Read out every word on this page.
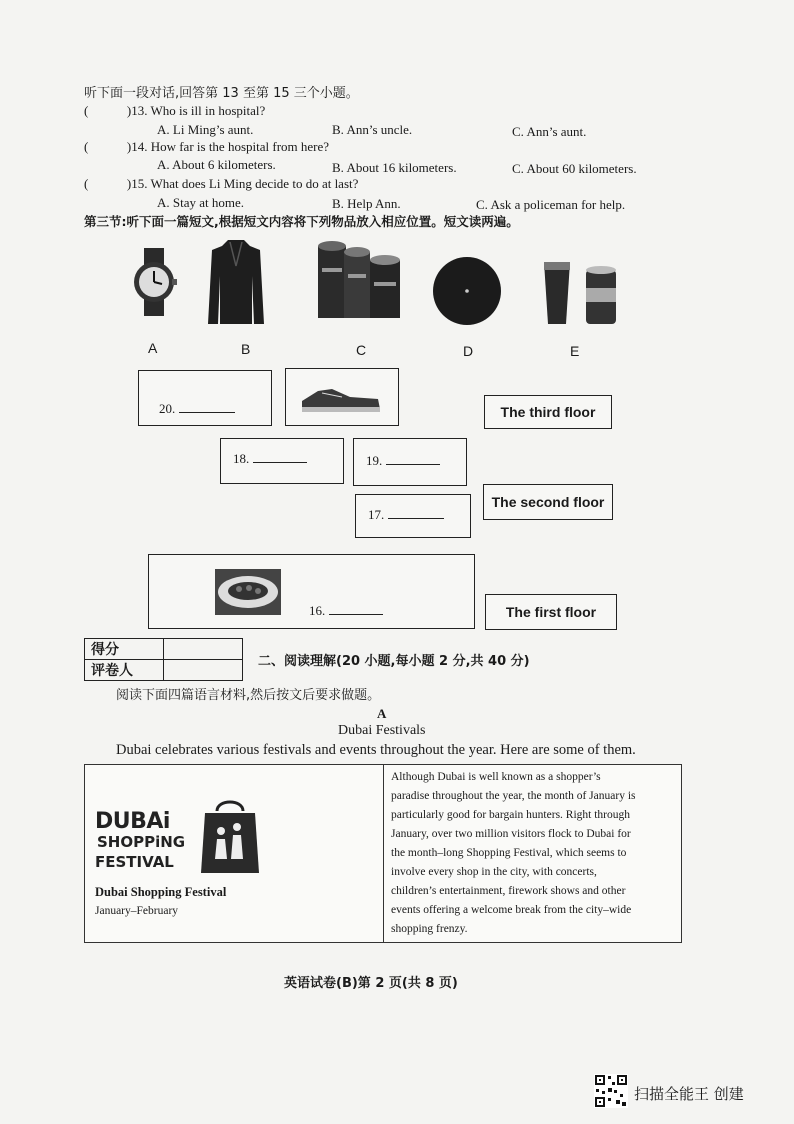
听下面一段对话,回答第 13 至第 15 三个小题。
(	)13. Who is ill in hospital?
A. Li Ming’s aunt.	B. Ann’s uncle.	C. Ann’s aunt.
(	)14. How far is the hospital from here?
A. About 6 kilometers.	B. About 16 kilometers.	C. About 60 kilometers.
(	)15. What does Li Ming decide to do at last?
A. Stay at home.	B. Help Ann.	C. Ask a policeman for help.
第三节:听下面一篇短文,根据短文内容将下列物品放入相应位置。短文读两遍。
A	B	C	D	E
20.	The third floor
18.	19.
The second floor
17.
16.	The first floor
得分	
评卷人	
二、阅读理解(20 小题,每小题 2 分,共 40 分)
阅读下面四篇语言材料,然后按文后要求做题。
A
Dubai Festivals
Dubai celebrates various festivals and events throughout the year. Here are some of them.
DUBAi
SHOPPiNG
FESTIVAL
Dubai Shopping Festival
January–February
Although Dubai is well known as a shopper’s
paradise throughout the year, the month of January is
particularly good for bargain hunters. Right through
January, over two million visitors flock to Dubai for
the month–long Shopping Festival, which seems to
involve every shop in the city, with concerts,
children’s entertainment, firework shows and other
events offering a welcome break from the city–wide
shopping frenzy.
英语试卷(B)第 2 页(共 8 页)
扫描全能王 创建
